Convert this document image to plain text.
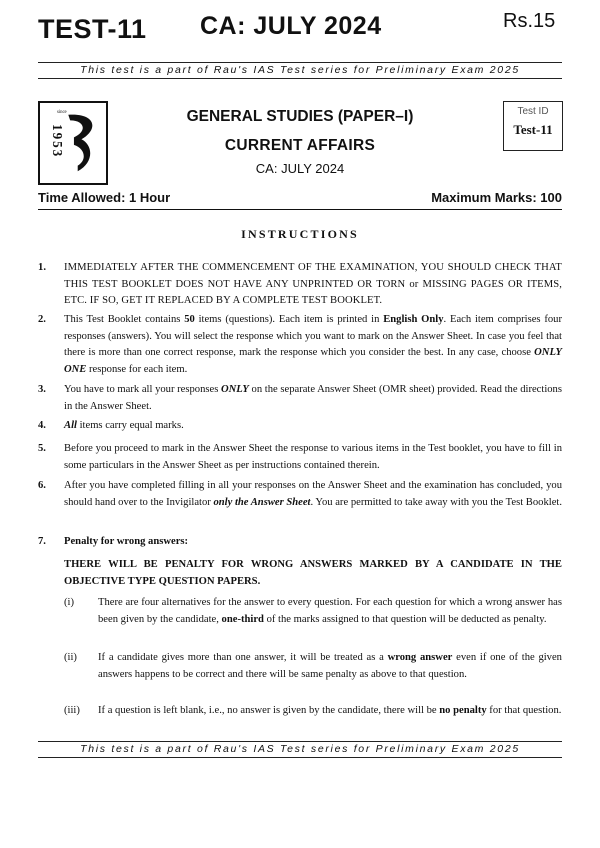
TEST-11 CA: JULY 2024	Rs.15
This test is a part of Rau's IAS Test series for Preliminary Exam 2025
since
1953
GENERAL STUDIES (PAPER–I)
CURRENT AFFAIRS
CA: JULY 2024
Test ID
Test-11
Time Allowed: 1 Hour	Maximum Marks: 100
INSTRUCTIONS
1. IMMEDIATELY AFTER THE COMMENCEMENT OF THE EXAMINATION, YOU SHOULD CHECK THAT THIS TEST BOOKLET DOES NOT HAVE ANY UNPRINTED OR TORN or MISSING PAGES OR ITEMS, ETC. IF SO, GET IT REPLACED BY A COMPLETE TEST BOOKLET.
2. This Test Booklet contains 50 items (questions). Each item is printed in English Only. Each item comprises four responses (answers). You will select the response which you want to mark on the Answer Sheet. In case you feel that there is more than one correct response, mark the response which you consider the best. In any case, choose ONLY ONE response for each item.
3. You have to mark all your responses ONLY on the separate Answer Sheet (OMR sheet) provided. Read the directions in the Answer Sheet.
4. All items carry equal marks.
5. Before you proceed to mark in the Answer Sheet the response to various items in the Test booklet, you have to fill in some particulars in the Answer Sheet as per instructions contained therein.
6. After you have completed filling in all your responses on the Answer Sheet and the examination has concluded, you should hand over to the Invigilator only the Answer Sheet. You are permitted to take away with you the Test Booklet.
7. Penalty for wrong answers:
THERE WILL BE PENALTY FOR WRONG ANSWERS MARKED BY A CANDIDATE IN THE OBJECTIVE TYPE QUESTION PAPERS.
(i) There are four alternatives for the answer to every question. For each question for which a wrong answer has been given by the candidate, one-third of the marks assigned to that question will be deducted as penalty.
(ii) If a candidate gives more than one answer, it will be treated as a wrong answer even if one of the given answers happens to be correct and there will be same penalty as above to that question.
(iii) If a question is left blank, i.e., no answer is given by the candidate, there will be no penalty for that question.
This test is a part of Rau's IAS Test series for Preliminary Exam 2025
